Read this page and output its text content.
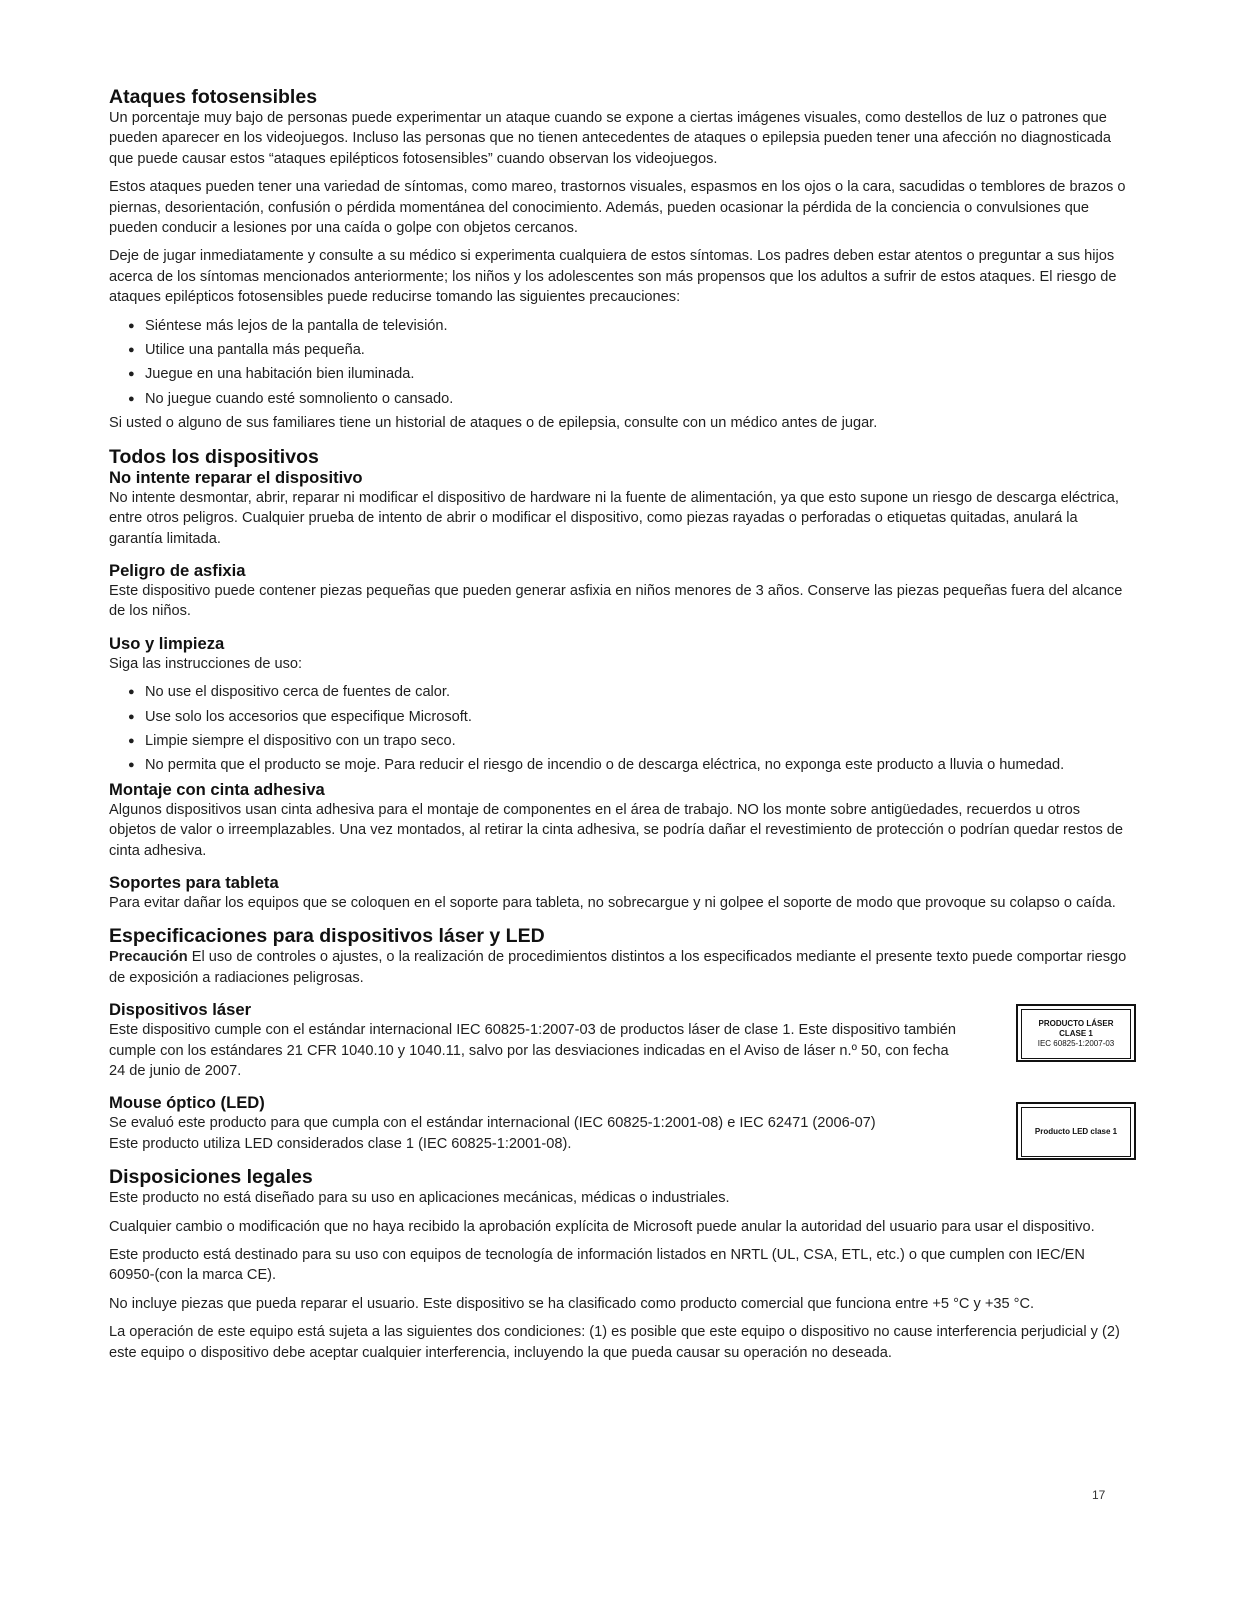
Ataques fotosensibles

Un porcentaje muy bajo de personas puede experimentar un ataque cuando se expone a ciertas imágenes visuales, como destellos de luz o patrones que pueden aparecer en los videojuegos. Incluso las personas que no tienen antecedentes de ataques o epilepsia pueden tener una afección no diagnosticada que puede causar estos “ataques epilépticos fotosensibles” cuando observan los videojuegos.

Estos ataques pueden tener una variedad de síntomas, como mareo, trastornos visuales, espasmos en los ojos o la cara, sacudidas o temblores de brazos o piernas, desorientación, confusión o pérdida momentánea del conocimiento. Además, pueden ocasionar la pérdida de la conciencia o convulsiones que pueden conducir a lesiones por una caída o golpe con objetos cercanos.

Deje de jugar inmediatamente y consulte a su médico si experimenta cualquiera de estos síntomas. Los padres deben estar atentos o preguntar a sus hijos acerca de los síntomas mencionados anteriormente; los niños y los adolescentes son más propensos que los adultos a sufrir de estos ataques. El riesgo de ataques epilépticos fotosensibles puede reducirse tomando las siguientes precauciones:

● Siéntese más lejos de la pantalla de televisión.
● Utilice una pantalla más pequeña.
● Juegue en una habitación bien iluminada.
● No juegue cuando esté somnoliento o cansado.

Si usted o alguno de sus familiares tiene un historial de ataques o de epilepsia, consulte con un médico antes de jugar.

Todos los dispositivos
No intente reparar el dispositivo

No intente desmontar, abrir, reparar ni modificar el dispositivo de hardware ni la fuente de alimentación, ya que esto supone un riesgo de descarga eléctrica, entre otros peligros. Cualquier prueba de intento de abrir o modificar el dispositivo, como piezas rayadas o perforadas o etiquetas quitadas, anulará la garantía limitada.

Peligro de asfixia

Este dispositivo puede contener piezas pequeñas que pueden generar asfixia en niños menores de 3 años. Conserve las piezas pequeñas fuera del alcance de los niños.

Uso y limpieza

Siga las instrucciones de uso:

● No use el dispositivo cerca de fuentes de calor.
● Use solo los accesorios que especifique Microsoft.
● Limpie siempre el dispositivo con un trapo seco.
● No permita que el producto se moje. Para reducir el riesgo de incendio o de descarga eléctrica, no exponga este producto a lluvia o humedad.
Montaje con cinta adhesiva

Algunos dispositivos usan cinta adhesiva para el montaje de componentes en el área de trabajo. NO los monte sobre antigüedades, recuerdos u otros objetos de valor o irreemplazables. Una vez montados, al retirar la cinta adhesiva, se podría dañar el revestimiento de protección o podrían quedar restos de cinta adhesiva.

Soportes para tableta

Para evitar dañar los equipos que se coloquen en el soporte para tableta, no sobrecargue y ni golpee el soporte de modo que provoque su colapso o caída.

Especificaciones para dispositivos láser y LED

Precaución El uso de controles o ajustes, o la realización de procedimientos distintos a los especificados mediante el presente texto puede comportar riesgo de exposición a radiaciones peligrosas.

Dispositivos láser

Este dispositivo cumple con el estándar internacional IEC 60825-1:2007-03 de productos láser de clase 1. Este dispositivo también cumple con los estándares 21 CFR 1040.10 y 1040.11, salvo por las desviaciones indicadas en el Aviso de láser n.º 50, con fecha 24 de junio de 2007.

Mouse óptico (LED)

Se evaluó este producto para que cumpla con el estándar internacional (IEC 60825-1:2001-08) e IEC 62471 (2006-07)

Este producto utiliza LED considerados clase 1 (IEC 60825-1:2001-08).

PRODUCTO LÁSER
CLASE 1
IEC 60825-1:2007-03
Producto LED clase 1
Disposiciones legales

Este producto no está diseñado para su uso en aplicaciones mecánicas, médicas o industriales.

Cualquier cambio o modificación que no haya recibido la aprobación explícita de Microsoft puede anular la autoridad del usuario para usar el dispositivo.

Este producto está destinado para su uso con equipos de tecnología de información listados en NRTL (UL, CSA, ETL, etc.) o que cumplen con IEC/EN 60950-(con la marca CE).

No incluye piezas que pueda reparar el usuario. Este dispositivo se ha clasificado como producto comercial que funciona entre +5 °C y +35 °C.

La operación de este equipo está sujeta a las siguientes dos condiciones: (1) es posible que este equipo o dispositivo no cause interferencia perjudicial y (2) este equipo o dispositivo debe aceptar cualquier interferencia, incluyendo la que pueda causar su operación no deseada.

17
